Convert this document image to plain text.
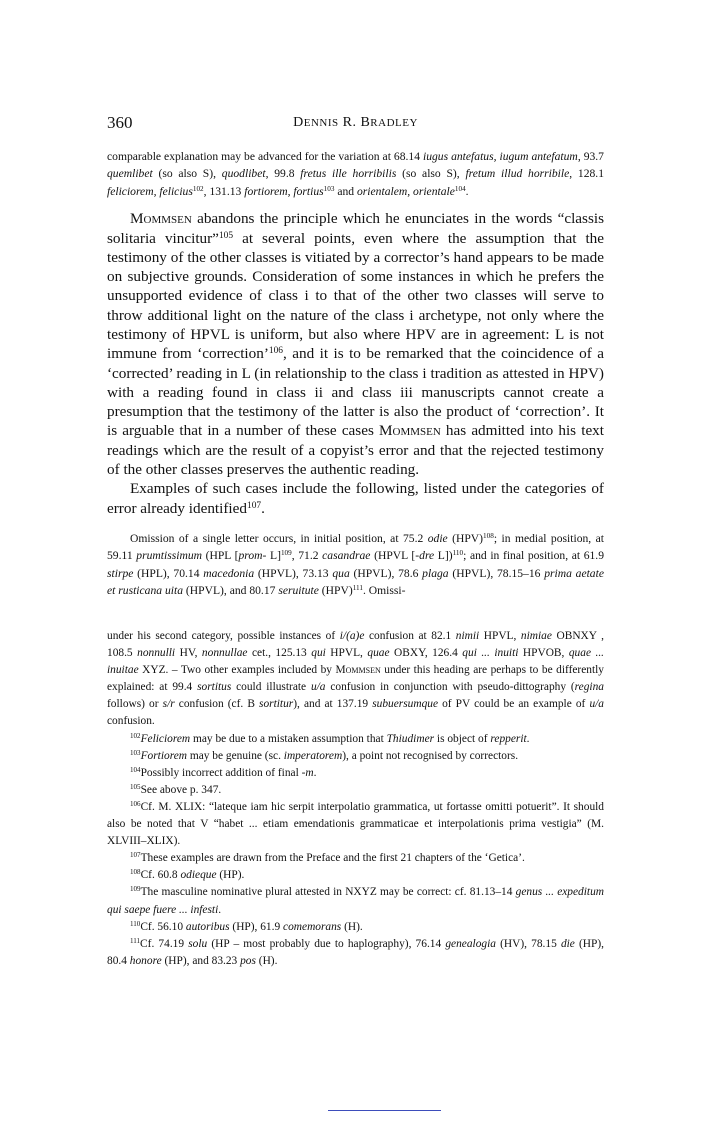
360	DENNIS R. BRADLEY

comparable explanation may be advanced for the variation at 68.14 iugus antefatus, iugum antefatum, 93.7 quemlibet (so also S), quodlibet, 99.8 fretus ille horribilis (so also S), fretum illud horribile, 128.1 feliciorem, felicius$^{102}$, 131.13 fortiorem, fortius$^{103}$ and orientalem, orientale$^{104}$.

Mommsen abandons the principle which he enunciates in the words “classis solitaria vincitur”$^{105}$ at several points, even where the assumption that the testimony of the other classes is vitiated by a corrector’s hand appears to be made on subjective grounds. Consideration of some instances in which he prefers the unsupported evidence of class i to that of the other two classes will serve to throw additional light on the nature of the class i archetype, not only where the testimony of HPVL is uniform, but also where HPV are in agreement: L is not immune from ‘correction’$^{106}$, and it is to be remarked that the coincidence of a ‘corrected’ reading in L (in relationship to the class i tradition as attested in HPV) with a reading found in class ii and class iii manuscripts cannot create a presumption that the testimony of the latter is also the product of ‘correction’. It is arguable that in a number of these cases Mommsen has admitted into his text readings which are the result of a copyist’s error and that the rejected testimony of the other classes preserves the authentic reading.

Examples of such cases include the following, listed under the categories of error already identified$^{107}$.

Omission of a single letter occurs, in initial position, at 75.2 odie (HPV)$^{108}$; in medial position, at 59.11 prumtissimum (HPL [prom- L]$^{109}$, 71.2 casandrae (HPVL [-dre L])$^{110}$; and in final position, at 61.9 stirpe (HPL), 70.14 macedonia (HPVL), 73.13 qua (HPVL), 78.6 plaga (HPVL), 78.15–16 prima aetate et rusticana uita (HPVL), and 80.17 seruitute (HPV)$^{111}$. Omissi-

under his second category, possible instances of i/(a)e confusion at 82.1 nimii HPVL, nimiae OBNXY , 108.5 nonnulli HV, nonnullae cet., 125.13 qui HPVL, quae OBXY, 126.4 qui ... inuiti HPVOB, quae ... inuitae XYZ. – Two other examples included by Mommsen under this heading are perhaps to be differently explained: at 99.4 sortitus could illustrate u/a confusion in conjunction with pseudo-dittography (regina follows) or s/r confusion (cf. B sortitur), and at 137.19 subuersumque of PV could be an example of u/a confusion.

$^{102}$Feliciorem may be due to a mistaken assumption that Thiudimer is object of repperit.

$^{103}$Fortiorem may be genuine (sc. imperatorem), a point not recognised by correctors.

$^{104}$Possibly incorrect addition of final -m.

$^{105}$See above p. 347.

$^{106}$Cf. M. XLIX: “lateque iam hic serpit interpolatio grammatica, ut fortasse omitti potuerit”. It should also be noted that V “habet ... etiam emendationis grammaticae et interpolationis prima vestigia” (M. XLVIII–XLIX).

$^{107}$These examples are drawn from the Preface and the first 21 chapters of the ‘Getica’.

$^{108}$Cf. 60.8 odieque (HP).

$^{109}$The masculine nominative plural attested in NXYZ may be correct: cf. 81.13–14 genus ... expeditum qui saepe fuere ... infesti.

$^{110}$Cf. 56.10 autoribus (HP), 61.9 comemorans (H).

$^{111}$Cf. 74.19 solu (HP – most probably due to haplography), 76.14 genealogia (HV), 78.15 die (HP), 80.4 honore (HP), and 83.23 pos (H).
